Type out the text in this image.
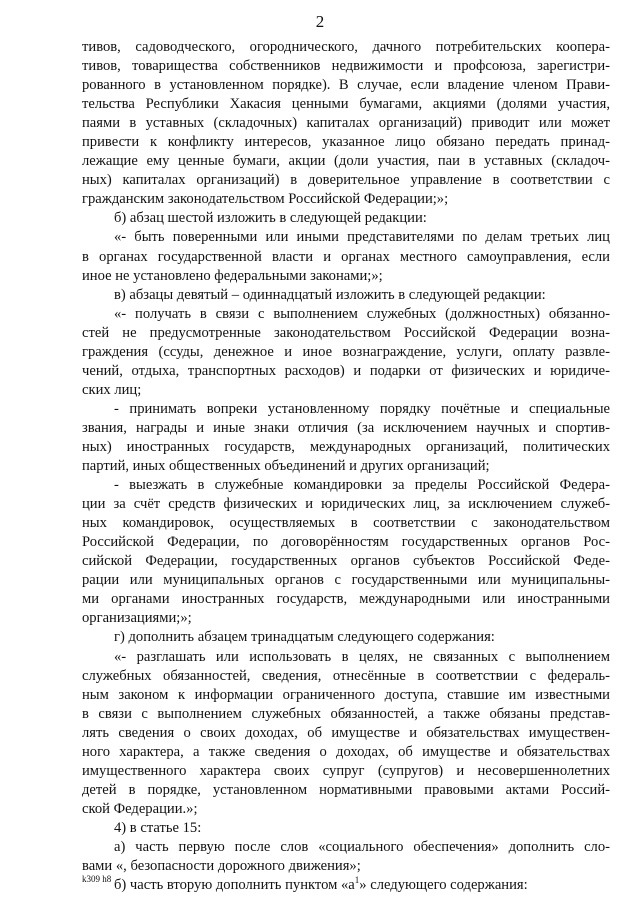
2
тивов, садоводческого, огороднического, дачного потребительских коопера-
тивов, товарищества собственников недвижимости и профсоюза, зарегистри-
рованного в установленном порядке). В случае, если владение членом Прави-
тельства Республики Хакасия ценными бумагами, акциями (долями участия,
паями в уставных (складочных) капиталах организаций) приводит или может
привести к конфликту интересов, указанное лицо обязано передать принад-
лежащие ему ценные бумаги, акции (доли участия, паи в уставных (складоч-
ных) капиталах организаций) в доверительное управление в соответствии с
гражданским законодательством Российской Федерации;»;
б) абзац шестой изложить в следующей редакции:
«- быть поверенными или иными представителями по делам третьих лиц
в органах государственной власти и органах местного самоуправления, если
иное не установлено федеральными законами;»;
в) абзацы девятый – одиннадцатый изложить в следующей редакции:
«- получать в связи с выполнением служебных (должностных) обязанно-
стей не предусмотренные законодательством Российской Федерации возна-
граждения (ссуды, денежное и иное вознаграждение, услуги, оплату развле-
чений, отдыха, транспортных расходов) и подарки от физических и юридиче-
ских лиц;
- принимать вопреки установленному порядку почётные и специальные
звания, награды и иные знаки отличия (за исключением научных и спортив-
ных) иностранных государств, международных организаций, политических
партий, иных общественных объединений и других организаций;
- выезжать в служебные командировки за пределы Российской Федера-
ции за счёт средств физических и юридических лиц, за исключением служеб-
ных командировок, осуществляемых в соответствии с законодательством
Российской Федерации, по договорённостям государственных органов Рос-
сийской Федерации, государственных органов субъектов Российской Феде-
рации или муниципальных органов с государственными или муниципальны-
ми органами иностранных государств, международными или иностранными
организациями;»;
г) дополнить абзацем тринадцатым следующего содержания:
«- разглашать или использовать в целях, не связанных с выполнением
служебных обязанностей, сведения, отнесённые в соответствии с федераль-
ным законом к информации ограниченного доступа, ставшие им известными
в связи с выполнением служебных обязанностей, а также обязаны представ-
лять сведения о своих доходах, об имуществе и обязательствах имуществен-
ного характера, а также сведения о доходах, об имуществе и обязательствах
имущественного характера своих супруг (супругов) и несовершеннолетних
детей в порядке, установленном нормативными правовыми актами Россий-
ской Федерации.»;
4) в статье 15:
а) часть первую после слов «социального обеспечения» дополнить сло-
вами «, безопасности дорожного движения»;
б) часть вторую дополнить пунктом «$а^1$» следующего содержания:
k309 h8
